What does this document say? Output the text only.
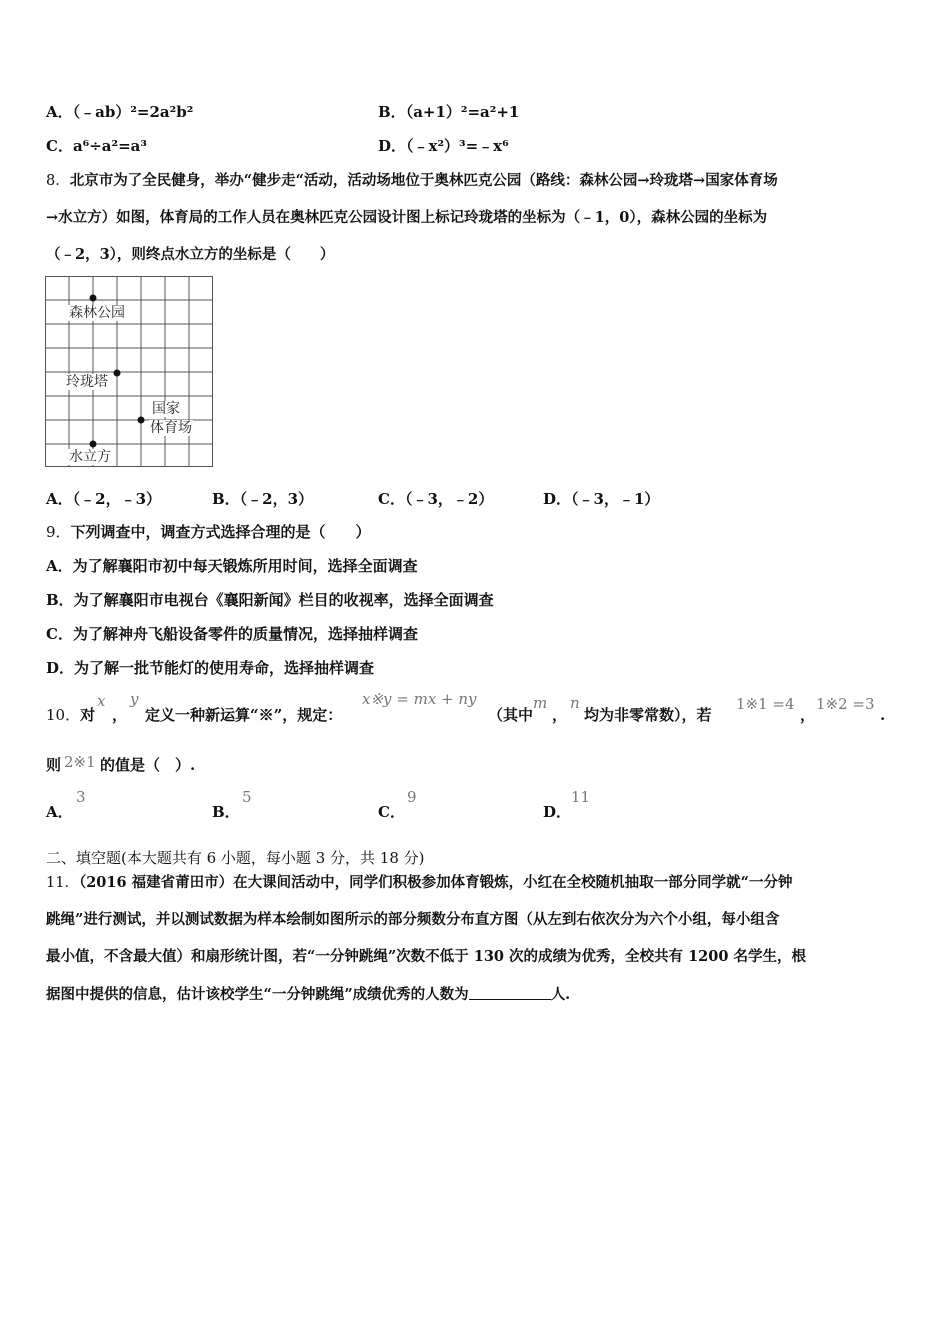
A．（﹣ab）²=2a²b²	B．（a+1）²=a²+1
C．a⁶÷a²=a³	D．（﹣x²）³=﹣x⁶
8．北京市为了全民健身，举办“健步走“活动，活动场地位于奥林匹克公园（路线：森林公园→玲珑塔→国家体育场
→水立方）如图，体育局的工作人员在奥林匹克公园设计图上标记玲珑塔的坐标为（﹣1，0），森林公园的坐标为
（﹣2，3），则终点水立方的坐标是（　　）
森林公园
玲珑塔
国家
体育场
水立方
A．（﹣2，﹣3）	B．（﹣2，3）	C．（﹣3，﹣2）	D．（﹣3，﹣1）
9．下列调查中，调查方式选择合理的是（　　）
A．为了解襄阳市初中每天锻炼所用时间，选择全面调查
B．为了解襄阳市电视台《襄阳新闻》栏目的收视率，选择全面调查
C．为了解神舟飞船设备零件的质量情况，选择抽样调查
D．为了解一批节能灯的使用寿命，选择抽样调查
10．对
x
，
y
定义一种新运算“※”，规定：
x※y = mx + ny
（其中
m
，
n
均为非零常数），若
1※1 =4
，
1※2 =3
.
则 2※1 的值是（　）.
A．
3
B．
5
C．
9
D．
11
二、填空题(本大题共有 6 小题，每小题 3 分，共 18 分)
11．（2016 福建省莆田市）在大课间活动中，同学们积极参加体育锻炼，小红在全校随机抽取一部分同学就“一分钟
跳绳”进行测试，并以测试数据为样本绘制如图所示的部分频数分布直方图（从左到右依次分为六个小组，每小组含
最小值，不含最大值）和扇形统计图，若“一分钟跳绳”次数不低于 130 次的成绩为优秀，全校共有 1200 名学生，根
据图中提供的信息，估计该校学生“一分钟跳绳”成绩优秀的人数为	人.
